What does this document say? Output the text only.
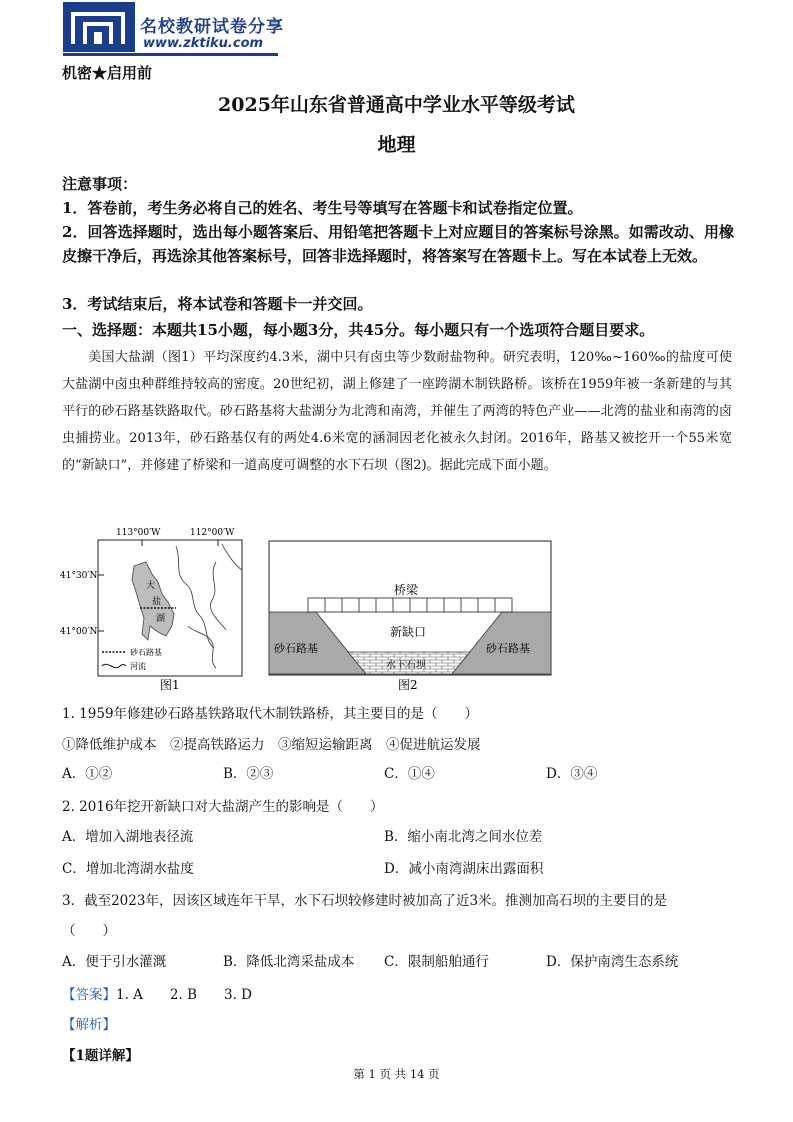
名校教研试卷分享
www.zktiku.com
机密★启用前
2025年山东省普通高中学业水平等级考试
地理
注意事项：
1．答卷前，考生务必将自己的姓名、考生号等填写在答题卡和试卷指定位置。
2．回答选择题时，选出每小题答案后、用铅笔把答题卡上对应题目的答案标号涂黑。如需改动、用橡皮擦干净后，再选涂其他答案标号，回答非选择题时，将答案写在答题卡上。写在本试卷上无效。
3．考试结束后，将本试卷和答题卡一并交回。
一、选择题：本题共15小题，每小题3分，共45分。每小题只有一个选项符合题目要求。
美国大盐湖（图1）平均深度约4.3米，湖中只有卤虫等少数耐盐物种。研究表明，120‰~160‰的盐度可使大盐湖中卤虫种群维持较高的密度。20世纪初，湖上修建了一座跨湖木制铁路桥。该桥在1959年被一条新建的与其平行的砂石路基铁路取代。砂石路基将大盐湖分为北湾和南湾，并催生了两湾的特色产业——北湾的盐业和南湾的卤虫捕捞业。2013年，砂石路基仅有的两处4.6米宽的涵洞因老化被永久封闭。2016年，路基又被挖开一个55米宽的“新缺口”，并修建了桥梁和一道高度可调整的水下石坝（图2)。据此完成下面小题。
113°00′W	112°00′W
41°30′N
41°00′N
大
盐
湖
砂石路基
河流
图1
桥梁
新缺口
砂石路基	砂石路基
水下石坝
图2
1. 1959年修建砂石路基铁路取代木制铁路桥，其主要目的是（　　）
①降低维护成本　②提高铁路运力　③缩短运输距离　④促进航运发展
A．①②	B．②③	C．①④	D．③④
2. 2016年挖开新缺口对大盐湖产生的影响是（　　）
A．增加入湖地表径流	B．缩小南北湾之间水位差
C．增加北湾湖水盐度	D．减小南湾湖床出露面积
3．截至2023年，因该区域连年干旱，水下石坝较修建时被加高了近3米。推测加高石坝的主要目的是
（　　）
A．便于引水灌溉	B．降低北湾采盐成本 C．限制船舶通行	D．保护南湾生态系统
【答案】1. A　　2. B　　3. D
【解析】
【1题详解】
第 1 页 共 14 页
